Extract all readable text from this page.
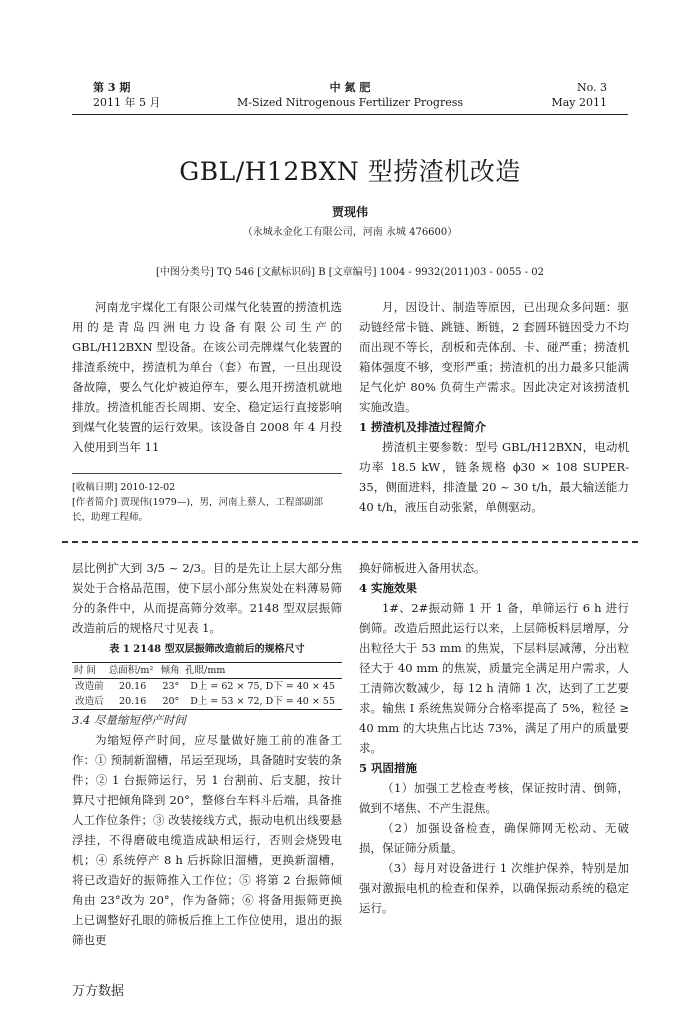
第 3 期
2011 年 5 月
中 氮 肥
M-Sized Nitrogenous Fertilizer Progress
No. 3
May 2011
GBL/H12BXN 型捞渣机改造
贾现伟
（永城永金化工有限公司，河南 永城 476600）
[中图分类号] TQ 546 [文献标识码] B [文章编号] 1004 - 9932(2011)03 - 0055 - 02

河南龙宇煤化工有限公司煤气化装置的捞渣机选用的是青岛四洲电力设备有限公司生产的GBL/H12BXN 型设备。在该公司壳牌煤气化装置的排渣系统中，捞渣机为单台（套）布置，一旦出现设备故障，要么气化炉被迫停车，要么甩开捞渣机就地排放。捞渣机能否长周期、安全、稳定运行直接影响到煤气化装置的运行效果。该设备自 2008 年 4 月投入使用到当年 11

月，因设计、制造等原因，已出现众多问题：驱动链经常卡链、跳链、断链，2 套圆环链因受力不均而出现不等长，刮板和壳体刮、卡、碰严重；捞渣机箱体强度不够，变形严重；捞渣机的出力最多只能满足气化炉 80% 负荷生产需求。因此决定对该捞渣机实施改造。

1 捞渣机及排渣过程简介

捞渣机主要参数：型号 GBL/H12BXN，电动机功率 18.5 kW，链条规格 ϕ30 × 108 SUPER-35，侧面进料，排渣量 20 ~ 30 t/h，最大输送能力 40 t/h，液压自动张紧，单侧驱动。

[收稿日期] 2010-12-02
[作者简介] 贾现伟(1979—)，男，河南上蔡人，工程部副部长，助理工程师。

层比例扩大到 3/5 ~ 2/3。目的是先让上层大部分焦炭处于合格品范围，使下层小部分焦炭处在料薄易筛分的条件中，从而提高筛分效率。2148 型双层振筛改造前后的规格尺寸见表 1。

表 1 2148 型双层振筛改造前后的规格尺寸
时 间	总面积/m²	倾角	孔眼/mm
改造前	20.16	23°	D上 = 62 × 75, D下 = 40 × 45
改造后	20.16	20°	D上 = 53 × 72, D下 = 40 × 55

3.4 尽量缩短停产时间

为缩短停产时间，应尽量做好施工前的准备工作：① 预制新溜槽，吊运至现场，具备随时安装的条件；② 1 台振筛运行，另 1 台割前、后支腿，按计算尺寸把倾角降到 20°，整修台车料斗后端，具备推人工作位条件；③ 改装接线方式，振动电机出线要悬浮挂，不得磨破电缆造成缺相运行，否则会烧毁电机；④ 系统停产 8 h 后拆除旧溜槽，更换新溜槽，将已改造好的振筛推入工作位；⑤ 将第 2 台振筛倾角由 23°改为 20°，作为备筛；⑥ 将备用振筛更换上已调整好孔眼的筛板后推上工作位使用，退出的振筛也更

换好筛板进入备用状态。

4 实施效果

1#、2#振动筛 1 开 1 备，单筛运行 6 h 进行倒筛。改造后照此运行以来，上层筛板料层增厚，分出粒径大于 53 mm 的焦炭，下层料层减薄，分出粒径大于 40 mm 的焦炭，质量完全满足用户需求，人工清筛次数减少，每 12 h 清筛 1 次，达到了工艺要求。输焦 I 系统焦炭筛分合格率提高了 5%，粒径 ≥ 40 mm 的大块焦占比达 73%，满足了用户的质量要求。

5 巩固措施

（1）加强工艺检查考核，保证按时清、倒筛，做到不堵焦、不产生混焦。

（2）加强设备检查，确保筛网无松动、无破损，保证筛分质量。

（3）每月对设备进行 1 次维护保养，特别是加强对激振电机的检查和保养，以确保振动系统的稳定运行。

万方数据
